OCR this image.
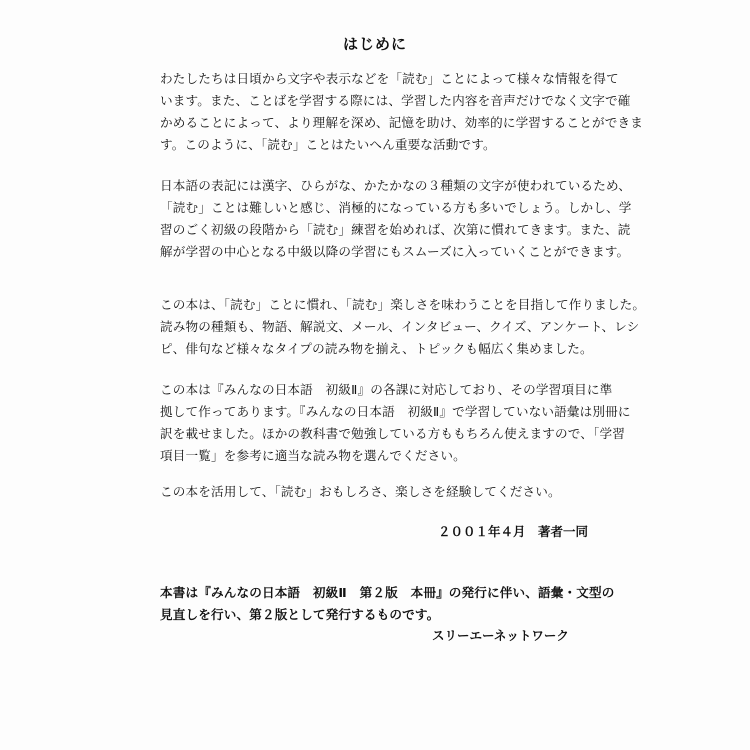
はじめに
わたしたちは日頃から文字や表示などを「読む」ことによって様々な情報を得て
います。また、ことばを学習する際には、学習した内容を音声だけでなく文字で確
かめることによって、より理解を深め、記憶を助け、効率的に学習することができま
す。このように、「読む」ことはたいへん重要な活動です。
日本語の表記には漢字、ひらがな、かたかなの３種類の文字が使われているため、
「読む」ことは難しいと感じ、消極的になっている方も多いでしょう。しかし、学
習のごく初級の段階から「読む」練習を始めれば、次第に慣れてきます。また、読
解が学習の中心となる中級以降の学習にもスムーズに入っていくことができます。
この本は、「読む」ことに慣れ、「読む」楽しさを味わうことを目指して作りました。
読み物の種類も、物語、解説文、メール、インタビュー、クイズ、アンケート、レシ
ピ、俳句など様々なタイプの読み物を揃え、トピックも幅広く集めました。
この本は『みんなの日本語　初級Ⅱ』の各課に対応しており、その学習項目に準
拠して作ってあります。『みんなの日本語　初級Ⅱ』で学習していない語彙は別冊に
訳を載せました。ほかの教科書で勉強している方ももちろん使えますので、「学習
項目一覧」を参考に適当な読み物を選んでください。
この本を活用して、「読む」おもしろさ、楽しさを経験してください。
２００１年４月　著者一同
本書は『みんなの日本語　初級Ⅱ　第２版　本冊』の発行に伴い、語彙・文型の
見直しを行い、第２版として発行するものです。
スリーエーネットワーク
